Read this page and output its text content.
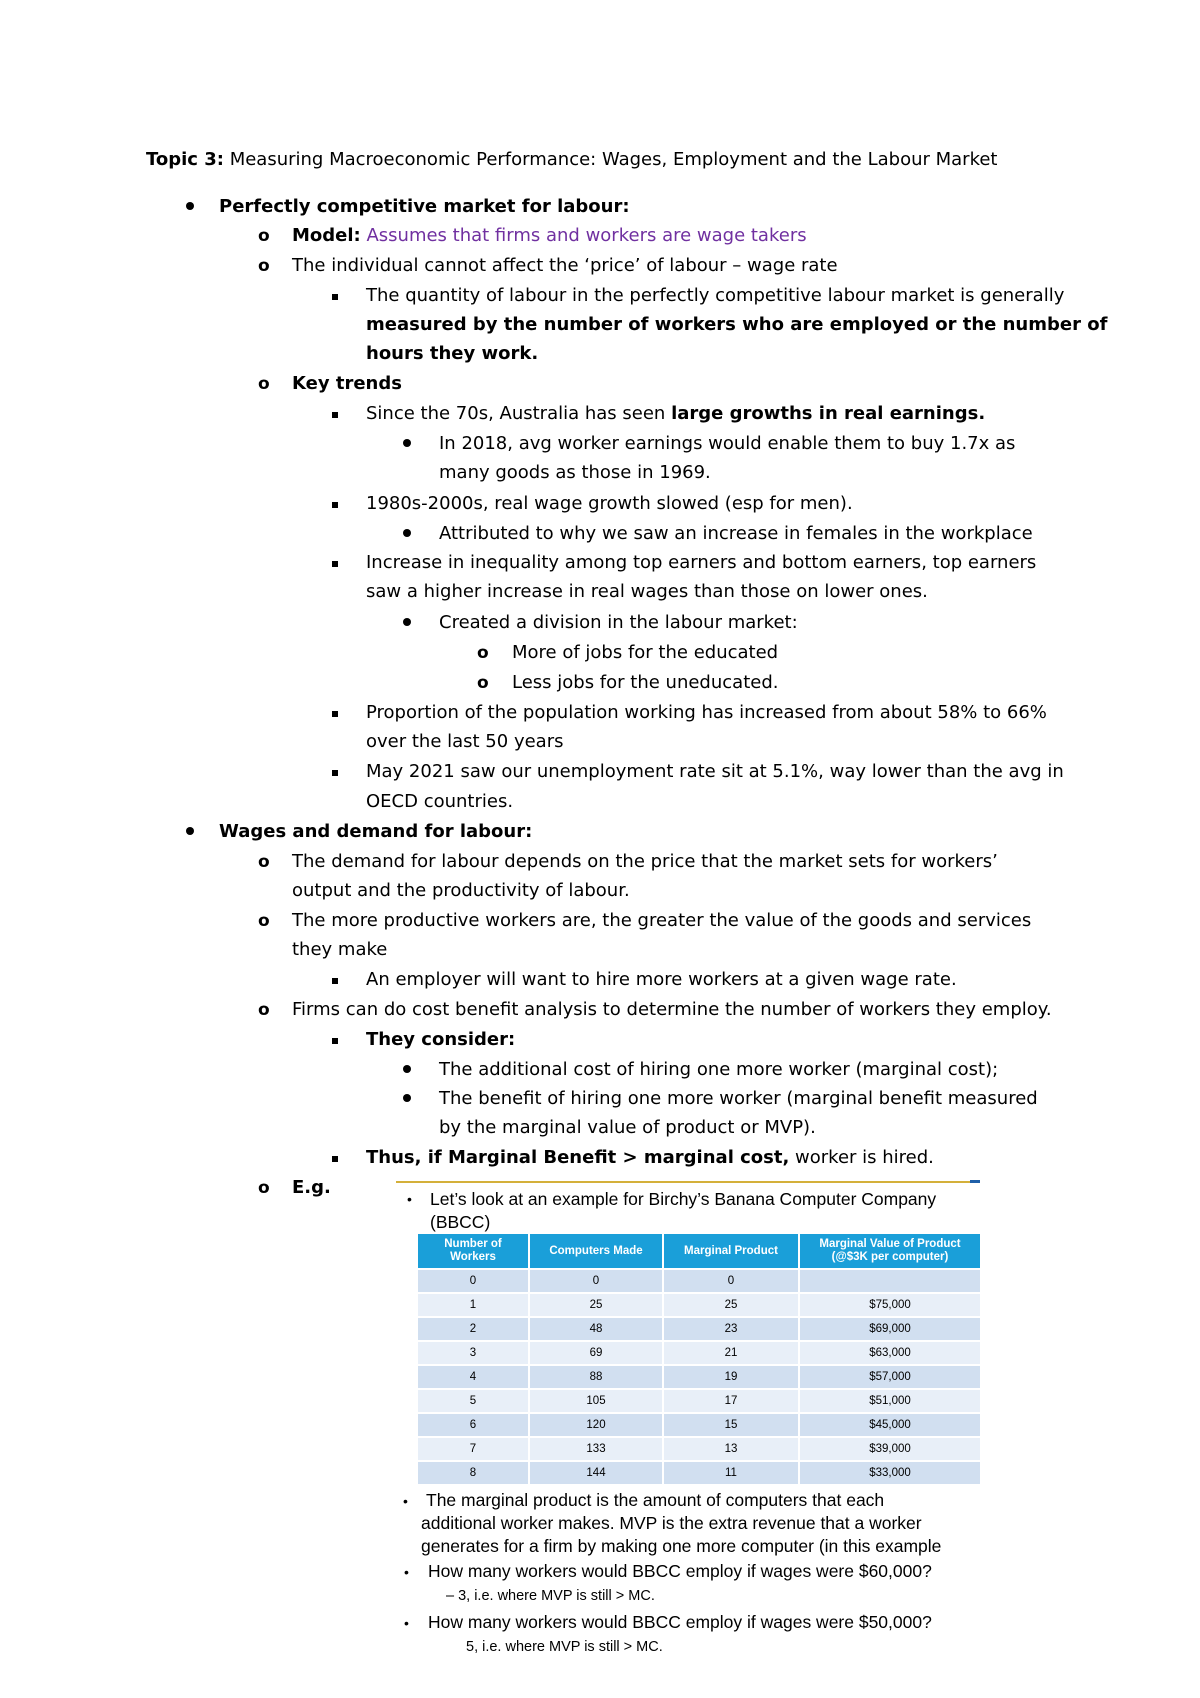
Topic 3: Measuring Macroeconomic Performance: Wages, Employment and the Labour Market
Perfectly competitive market for labour:
o Model: Assumes that firms and workers are wage takers
o The individual cannot affect the ‘price’ of labour – wage rate
The quantity of labour in the perfectly competitive labour market is generally
measured by the number of workers who are employed or the number of
hours they work.
o Key trends
Since the 70s, Australia has seen large growths in real earnings.
In 2018, avg worker earnings would enable them to buy 1.7x as
many goods as those in 1969.
1980s-2000s, real wage growth slowed (esp for men).
Attributed to why we saw an increase in females in the workplace
Increase in inequality among top earners and bottom earners, top earners
saw a higher increase in real wages than those on lower ones.
Created a division in the labour market:
o More of jobs for the educated
o Less jobs for the uneducated.
Proportion of the population working has increased from about 58% to 66%
over the last 50 years
May 2021 saw our unemployment rate sit at 5.1%, way lower than the avg in
OECD countries.
Wages and demand for labour:
o The demand for labour depends on the price that the market sets for workers’
output and the productivity of labour.
o The more productive workers are, the greater the value of the goods and services
they make
An employer will want to hire more workers at a given wage rate.
o Firms can do cost benefit analysis to determine the number of workers they employ.
They consider:
The additional cost of hiring one more worker (marginal cost);
The benefit of hiring one more worker (marginal benefit measured
by the marginal value of product or MVP).
Thus, if Marginal Benefit > marginal cost, worker is hired.
o E.g.
• Let’s look at an example for Birchy’s Banana Computer Company
(BBCC)
Number of Workers	Computers Made	Marginal Product	Marginal Value of Product (@$3K per computer)
0	0	0	
1	25	25	$75,000
2	48	23	$69,000
3	69	21	$63,000
4	88	19	$57,000
5	105	17	$51,000
6	120	15	$45,000
7	133	13	$39,000
8	144	11	$33,000
• The marginal product is the amount of computers that each
additional worker makes. MVP is the extra revenue that a worker
generates for a firm by making one more computer (in this example
• How many workers would BBCC employ if wages were $60,000?
– 3, i.e. where MVP is still > MC.
• How many workers would BBCC employ if wages were $50,000?
5, i.e. where MVP is still > MC.
